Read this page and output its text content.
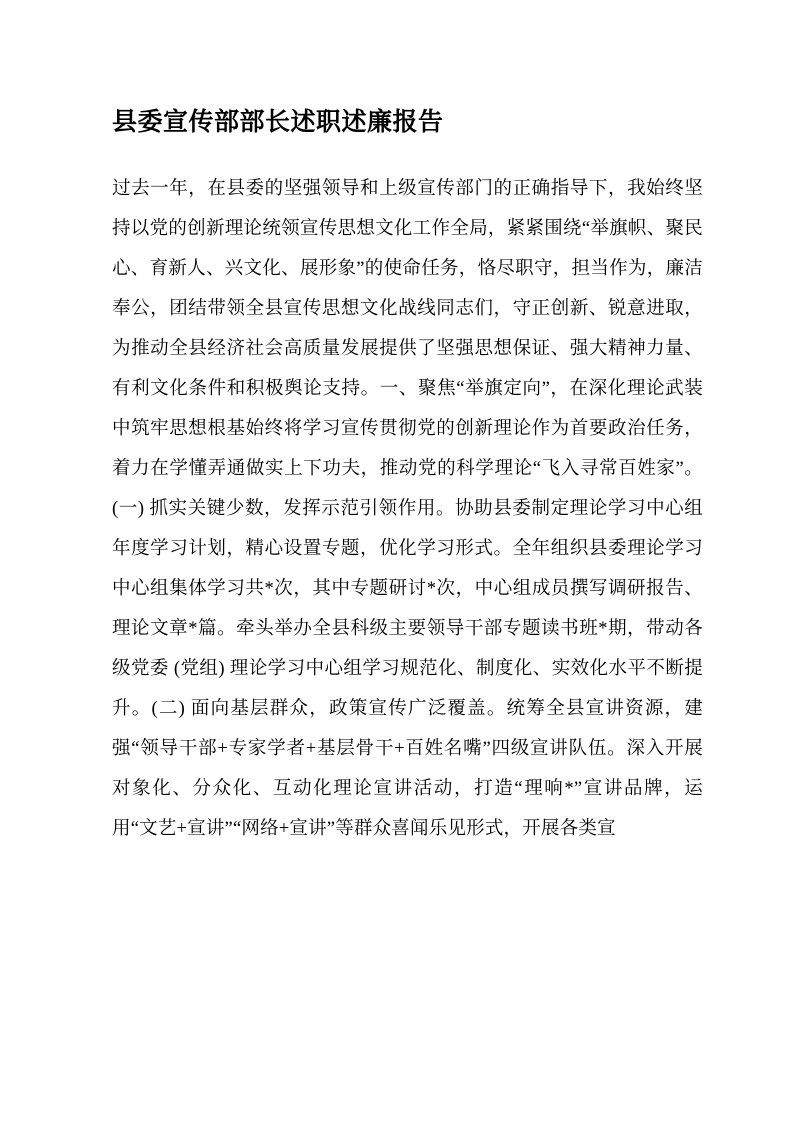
县委宣传部部长述职述廉报告

过去一年，在县委的坚强领导和上级宣传部门的正确指导下，我始终坚持以党的创新理论统领宣传思想文化工作全局，紧紧围绕“举旗帜、聚民心、育新人、兴文化、展形象”的使命任务，恪尽职守，担当作为，廉洁奉公，团结带领全县宣传思想文化战线同志们，守正创新、锐意进取，为推动全县经济社会高质量发展提供了坚强思想保证、强大精神力量、有利文化条件和积极舆论支持。一、聚焦“举旗定向”，在深化理论武装中筑牢思想根基始终将学习宣传贯彻党的创新理论作为首要政治任务，着力在学懂弄通做实上下功夫，推动党的科学理论“飞入寻常百姓家”。(一) 抓实关键少数，发挥示范引领作用。协助县委制定理论学习中心组年度学习计划，精心设置专题，优化学习形式。全年组织县委理论学习中心组集体学习共*次，其中专题研讨*次，中心组成员撰写调研报告、理论文章*篇。牵头举办全县科级主要领导干部专题读书班*期，带动各级党委 (党组) 理论学习中心组学习规范化、制度化、实效化水平不断提升。(二) 面向基层群众，政策宣传广泛覆盖。统筹全县宣讲资源，建强“领导干部+专家学者+基层骨干+百姓名嘴”四级宣讲队伍。深入开展对象化、分众化、互动化理论宣讲活动，打造“理响*”宣讲品牌，运用“文艺+宣讲”“网络+宣讲”等群众喜闻乐见形式，开展各类宣
